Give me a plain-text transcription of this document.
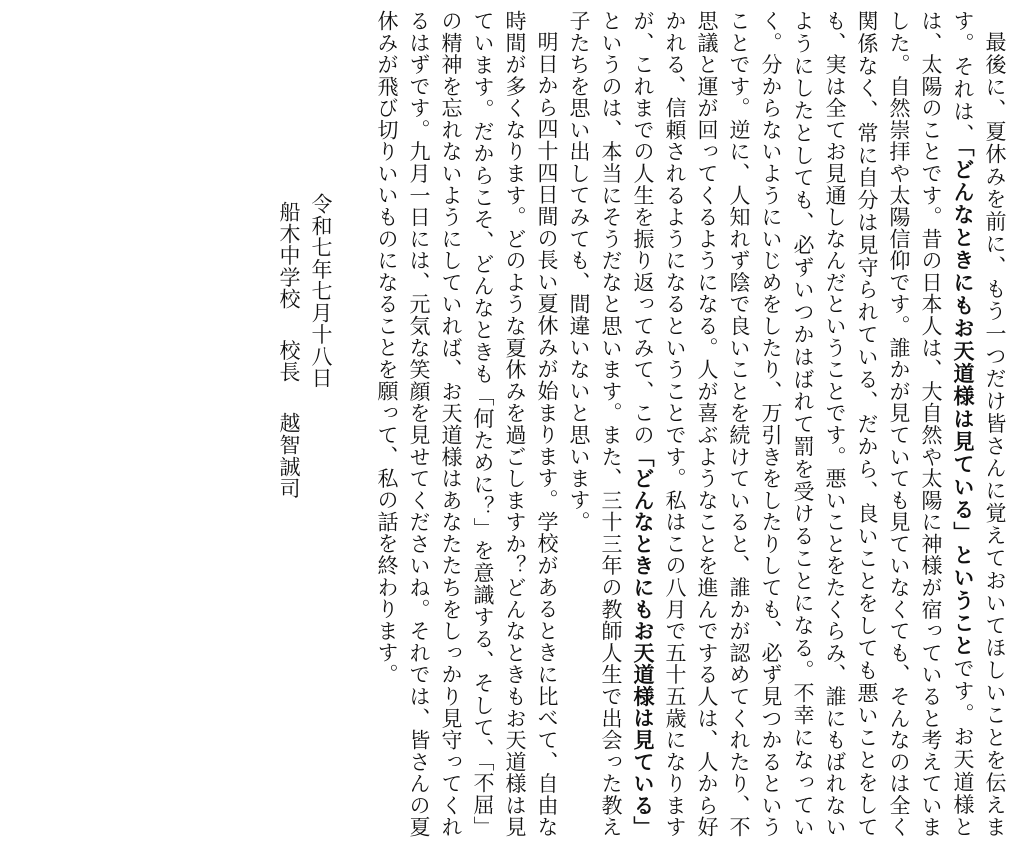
最後に、夏休みを前に、もう一つだけ皆さんに覚えておいてほしいことを伝えます。それは、「どんなときにもお天道様は見ている」ということです。お天道様とは、太陽のことです。昔の日本人は、大自然や太陽に神様が宿っていると考えていました。自然崇拝や太陽信仰です。誰かが見ていても見ていなくても、そんなのは全く関係なく、常に自分は見守られている、だから、良いことをしても悪いことをしても、実は全てお見通しなんだということです。悪いことをたくらみ、誰にもばれないようにしたとしても、必ずいつかはばれて罰を受けることになる。不幸になっていく。分からないようにいじめをしたり、万引きをしたりしても、必ず見つかるということです。逆に、人知れず陰で良いことを続けていると、誰かが認めてくれたり、不思議と運が回ってくるようになる。人が喜ぶようなことを進んでする人は、人から好かれる、信頼されるようになるということです。私はこの八月で五十五歳になりますが、これまでの人生を振り返ってみて、この「どんなときにもお天道様は見ている」というのは、本当にそうだなと思います。また、三十三年の教師人生で出会った教え子たちを思い出してみても、間違いないと思います。

明日から四十四日間の長い夏休みが始まります。学校があるときに比べて、自由な時間が多くなります。どのような夏休みを過ごしますか？どんなときもお天道様は見ています。だからこそ、どんなときも「何ために？」を意識する、そして、「不屈」の精神を忘れないようにしていれば、お天道様はあなたたちをしっかり見守ってくれるはずです。九月一日には、元気な笑顔を見せてくださいね。それでは、皆さんの夏休みが飛び切りいいものになることを願って、私の話を終わります。

令和七年七月十八日
船木中学校校長越智誠司
